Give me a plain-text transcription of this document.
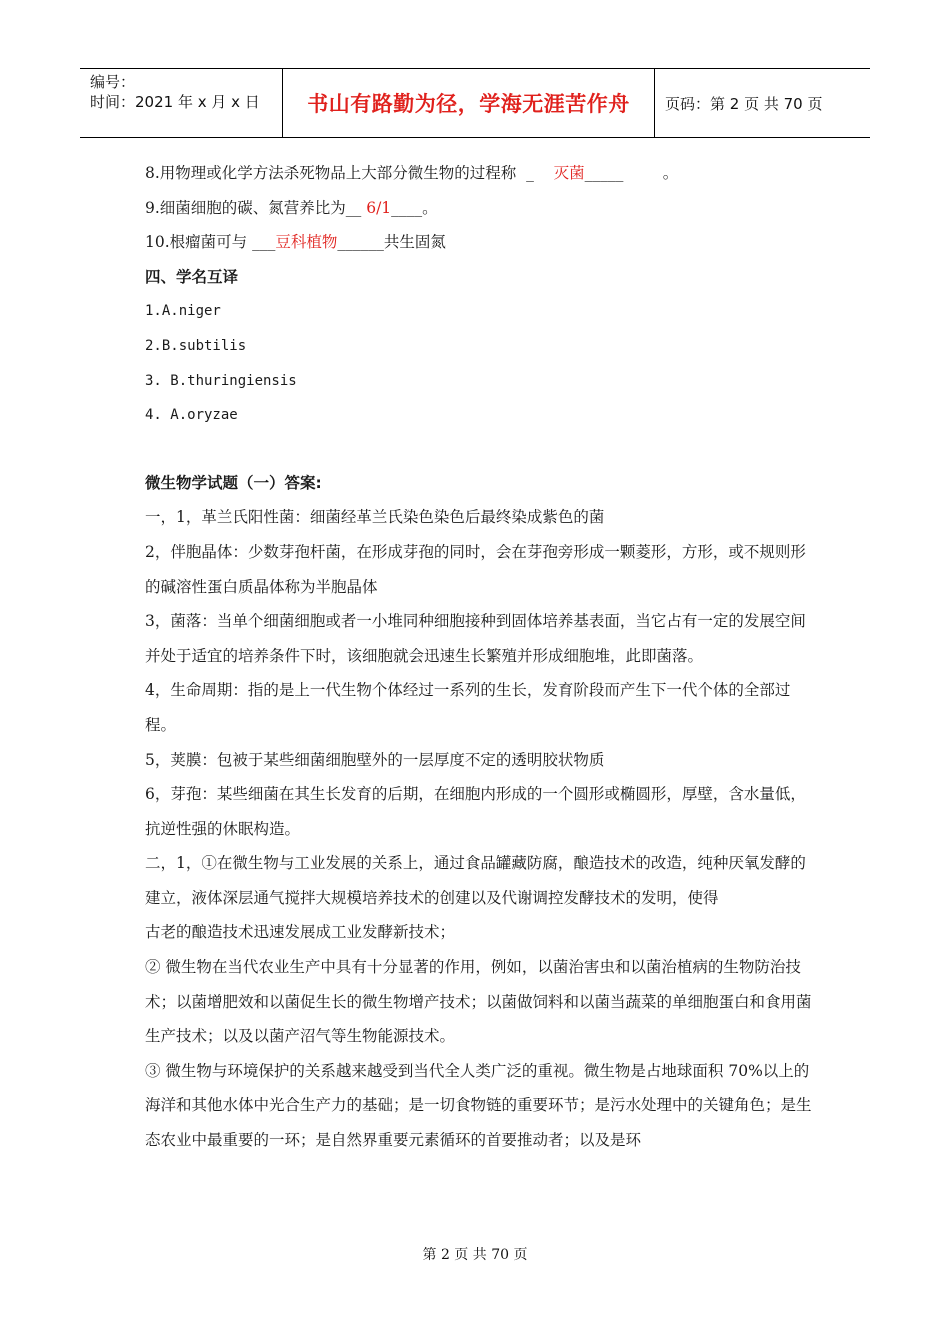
编号：
时间：2021 年 x 月 x 日	书山有路勤为径，学海无涯苦作舟	页码：第 2 页 共 70 页
8.用物理或化学方法杀死物品上大部分微生物的过程称  _    灭菌_____        。
9.细菌细胞的碳、氮营养比为__ 6/1____。
10.根瘤菌可与 ___豆科植物______共生固氮
四、学名互译
1.A.niger
2.B.subtilis
3. B.thuringiensis
4. A.oryzae
微生物学试题（一）答案:
一，1，革兰氏阳性菌：细菌经革兰氏染色染色后最终染成紫色的菌
2，伴胞晶体：少数芽孢杆菌，在形成芽孢的同时，会在芽孢旁形成一颗菱形，方形，或不规则形的碱溶性蛋白质晶体称为半胞晶体
3，菌落：当单个细菌细胞或者一小堆同种细胞接种到固体培养基表面，当它占有一定的发展空间并处于适宜的培养条件下时，该细胞就会迅速生长繁殖并形成细胞堆，此即菌落。
4，生命周期：指的是上一代生物个体经过一系列的生长，发育阶段而产生下一代个体的全部过程。
5，荚膜：包被于某些细菌细胞壁外的一层厚度不定的透明胶状物质
6，芽孢：某些细菌在其生长发育的后期，在细胞内形成的一个圆形或椭圆形，厚壁，含水量低，抗逆性强的休眠构造。
二，1，①在微生物与工业发展的关系上，通过食品罐藏防腐，酿造技术的改造，纯种厌氧发酵的建立，液体深层通气搅拌大规模培养技术的创建以及代谢调控发酵技术的发明，使得
古老的酿造技术迅速发展成工业发酵新技术；
② 微生物在当代农业生产中具有十分显著的作用，例如，以菌治害虫和以菌治植病的生物防治技术；以菌增肥效和以菌促生长的微生物增产技术；以菌做饲料和以菌当蔬菜的单细胞蛋白和食用菌生产技术；以及以菌产沼气等生物能源技术。
③ 微生物与环境保护的关系越来越受到当代全人类广泛的重视。微生物是占地球面积 70%以上的海洋和其他水体中光合生产力的基础；是一切食物链的重要环节；是污水处理中的关键角色；是生态农业中最重要的一环；是自然界重要元素循环的首要推动者；以及是环
第 2 页 共 70 页
